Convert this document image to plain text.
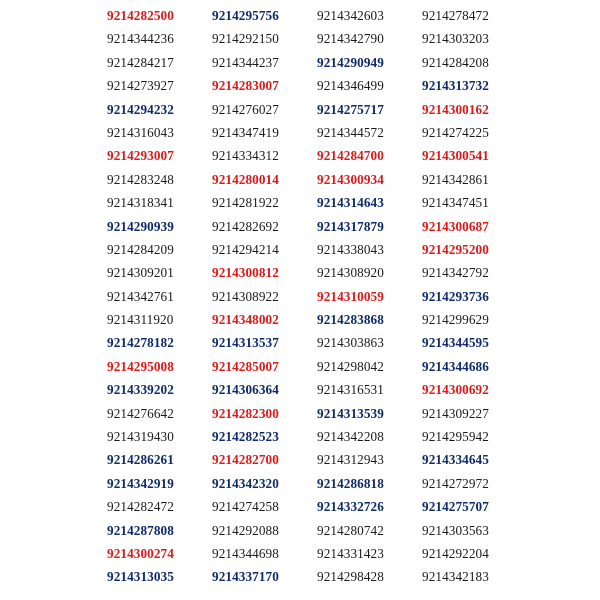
9214282500
9214344236
9214284217
9214273927
9214294232
9214316043
9214293007
9214283248
9214318341
9214290939
9214284209
9214309201
9214342761
9214311920
9214278182
9214295008
9214339202
9214276642
9214319430
9214286261
9214342919
9214282472
9214287808
9214300274
9214313035
9214295756
9214292150
9214344237
9214283007
9214276027
9214347419
9214334312
9214280014
9214281922
9214282692
9214294214
9214300812
9214308922
9214348002
9214313537
9214285007
9214306364
9214282300
9214282523
9214282700
9214342320
9214274258
9214292088
9214344698
9214337170
9214342603
9214342790
9214290949
9214346499
9214275717
9214344572
9214284700
9214300934
9214314643
9214317879
9214338043
9214308920
9214310059
9214283868
9214303863
9214298042
9214316531
9214313539
9214342208
9214312943
9214286818
9214332726
9214280742
9214331423
9214298428
9214278472
9214303203
9214284208
9214313732
9214300162
9214274225
9214300541
9214342861
9214347451
9214300687
9214295200
9214342792
9214293736
9214299629
9214344595
9214344686
9214300692
9214309227
9214295942
9214334645
9214272972
9214275707
9214303563
9214292204
9214342183
